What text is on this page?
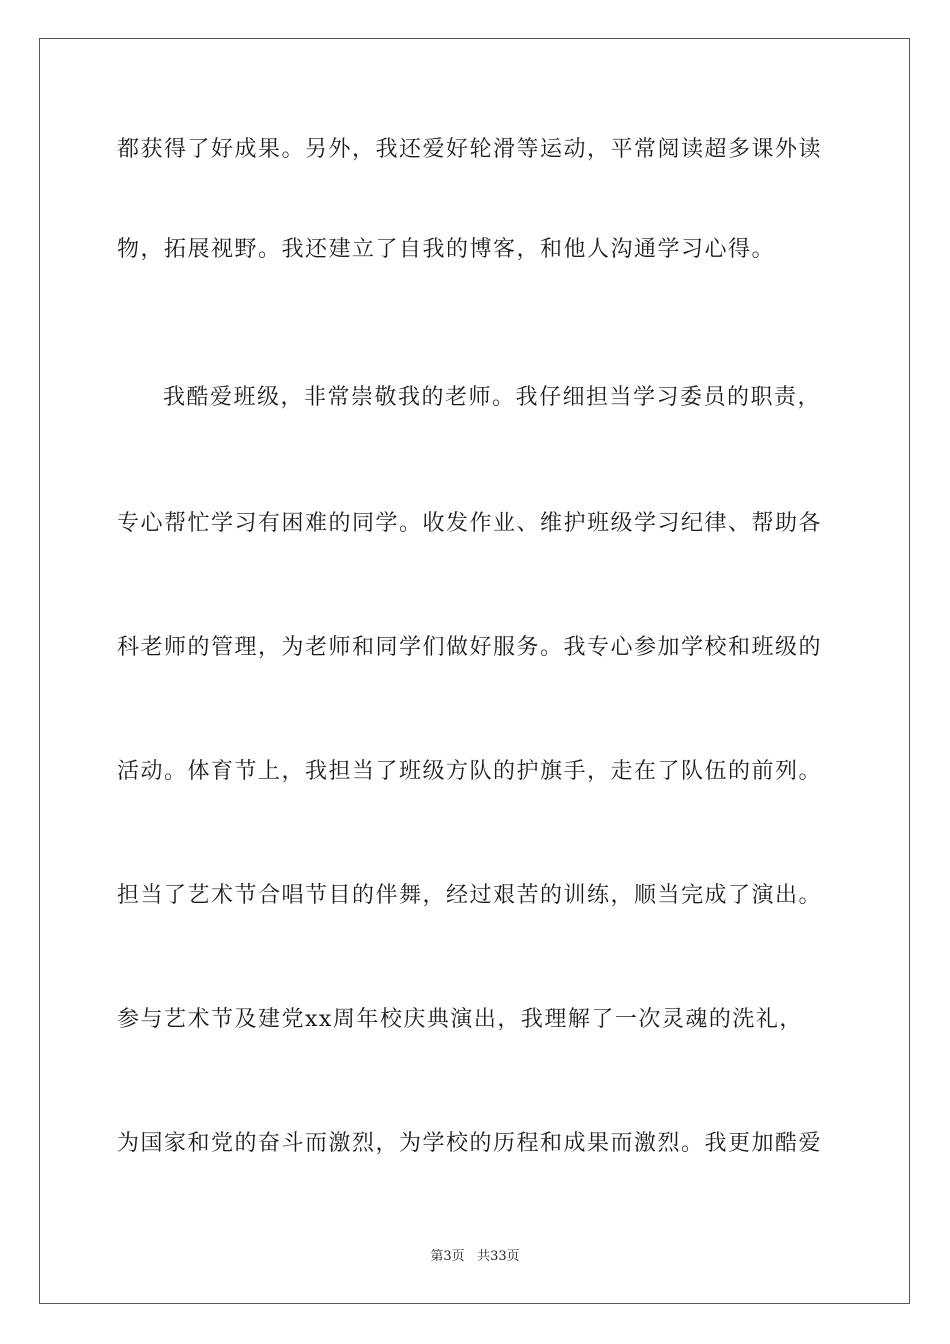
都获得了好成果。另外，我还爱好轮滑等运动，平常阅读超多课外读
物，拓展视野。我还建立了自我的博客，和他人沟通学习心得。
我酷爱班级，非常崇敬我的老师。我仔细担当学习委员的职责，
专心帮忙学习有困难的同学。收发作业、维护班级学习纪律、帮助各
科老师的管理，为老师和同学们做好服务。我专心参加学校和班级的
活动。体育节上，我担当了班级方队的护旗手，走在了队伍的前列。
担当了艺术节合唱节目的伴舞，经过艰苦的训练，顺当完成了演出。
参与艺术节及建党xx周年校庆典演出，我理解了一次灵魂的洗礼，
为国家和党的奋斗而激烈，为学校的历程和成果而激烈。我更加酷爱
第3页 共33页
